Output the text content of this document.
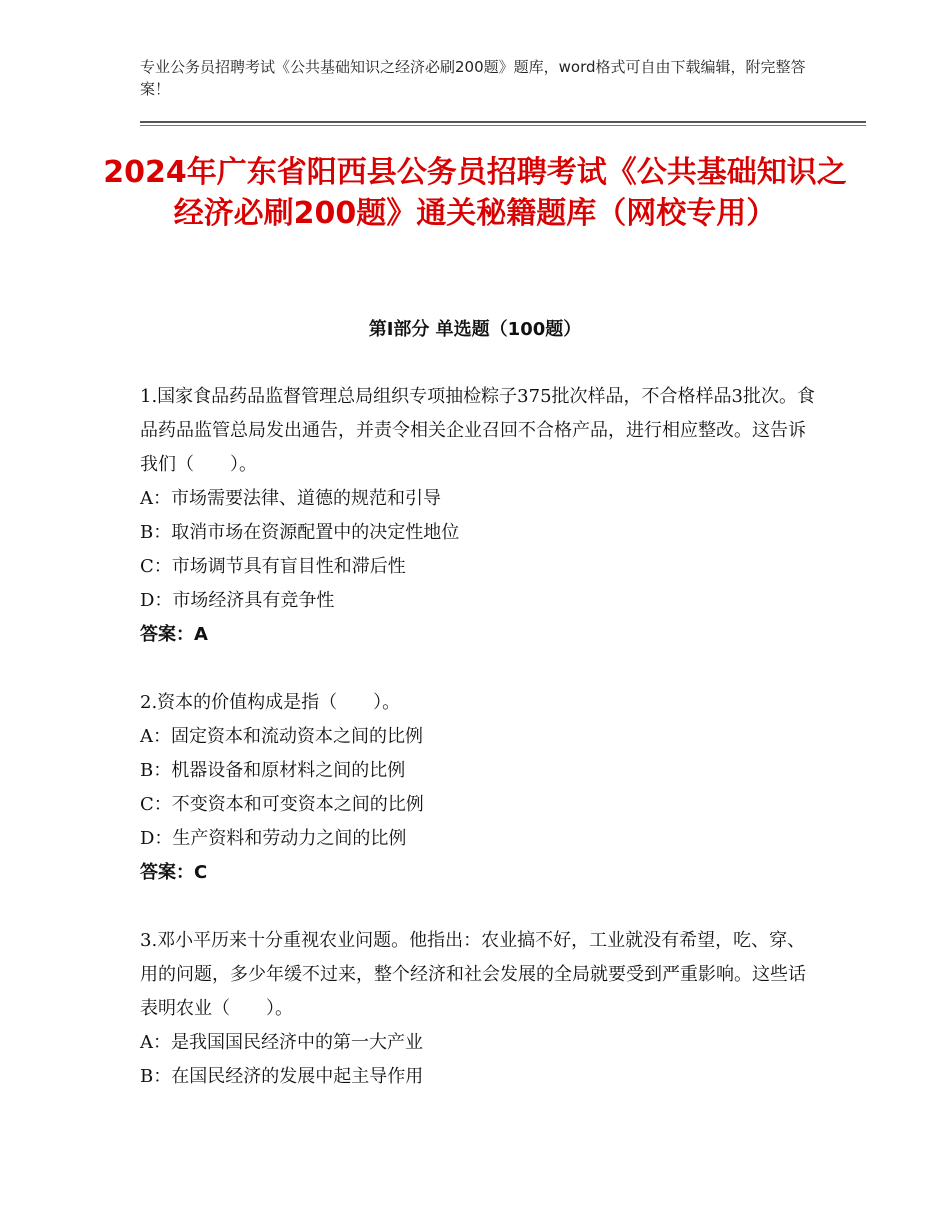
专业公务员招聘考试《公共基础知识之经济必刷200题》题库，word格式可自由下载编辑，附完整答案！
2024年广东省阳西县公务员招聘考试《公共基础知识之经济必刷200题》通关秘籍题库（网校专用）
第Ⅰ部分 单选题（100题）

1.国家食品药品监督管理总局组织专项抽检粽子375批次样品，不合格样品3批次。食品药品监管总局发出通告，并责令相关企业召回不合格产品，进行相应整改。这告诉我们（　　）。

A：市场需要法律、道德的规范和引导

B：取消市场在资源配置中的决定性地位

C：市场调节具有盲目性和滞后性

D：市场经济具有竞争性

答案：A

2.资本的价值构成是指（　　）。

A：固定资本和流动资本之间的比例

B：机器设备和原材料之间的比例

C：不变资本和可变资本之间的比例

D：生产资料和劳动力之间的比例

答案：C

3.邓小平历来十分重视农业问题。他指出：农业搞不好，工业就没有希望，吃、穿、用的问题，多少年缓不过来，整个经济和社会发展的全局就要受到严重影响。这些话表明农业（　　）。

A：是我国国民经济中的第一大产业

B：在国民经济的发展中起主导作用
